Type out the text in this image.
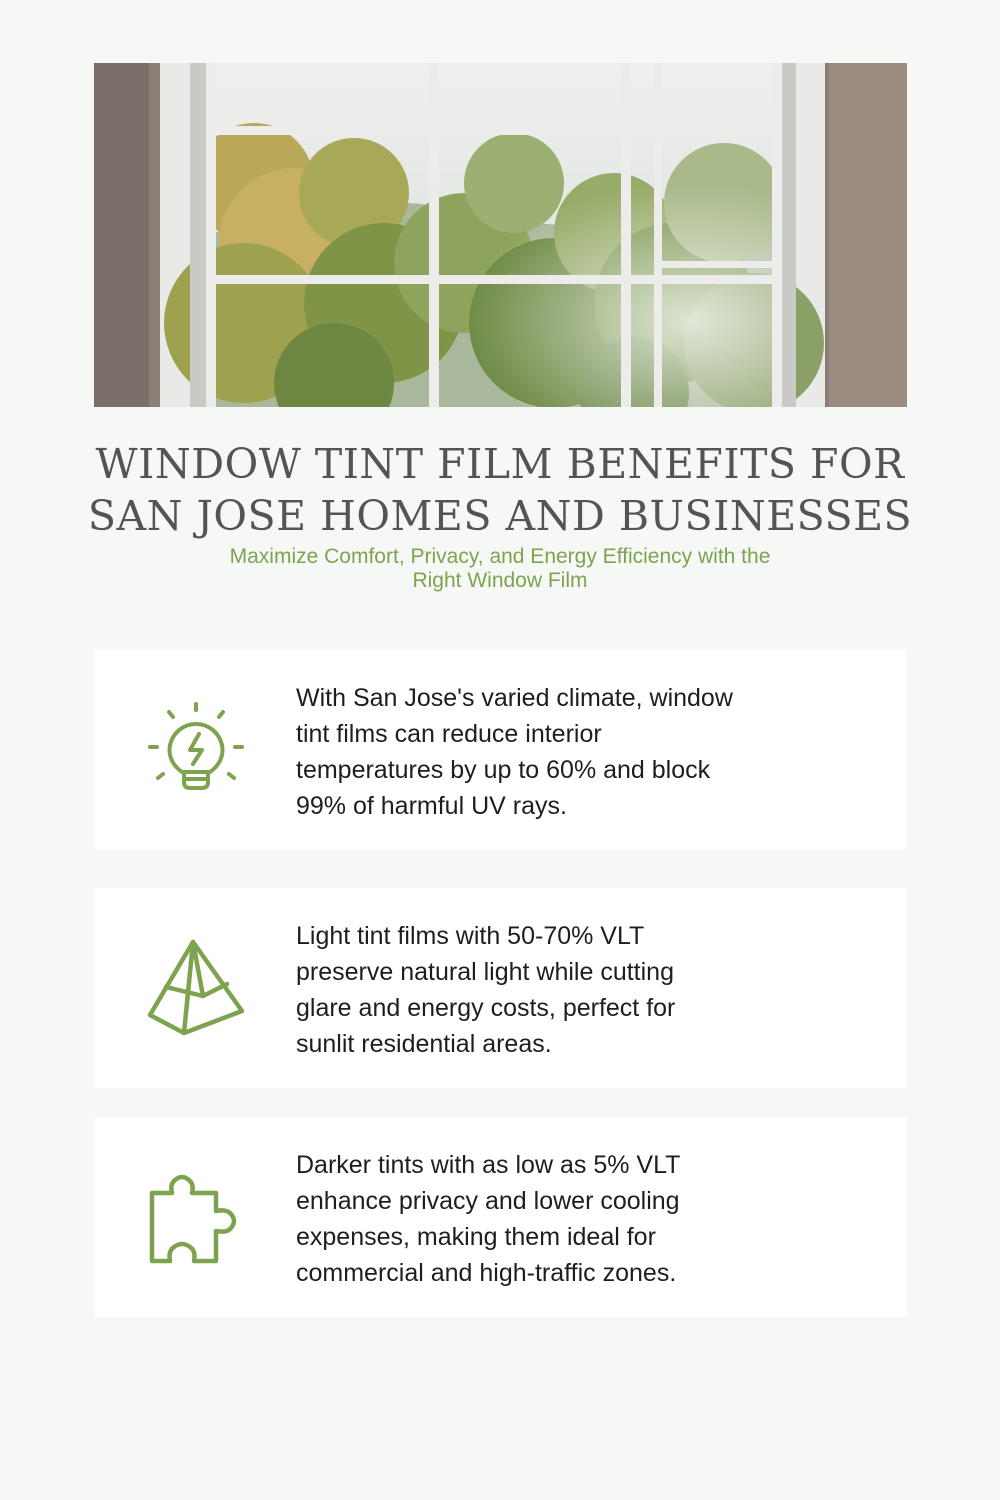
WINDOW TINT FILM BENEFITS FOR
SAN JOSE HOMES AND BUSINESSES

Maximize Comfort, Privacy, and Energy Efficiency with the
Right Window Film

With San Jose's varied climate, window
tint films can reduce interior
temperatures by up to 60% and block
99% of harmful UV rays.

Light tint films with 50-70% VLT
preserve natural light while cutting
glare and energy costs, perfect for
sunlit residential areas.

Darker tints with as low as 5% VLT
enhance privacy and lower cooling
expenses, making them ideal for
commercial and high-traffic zones.
